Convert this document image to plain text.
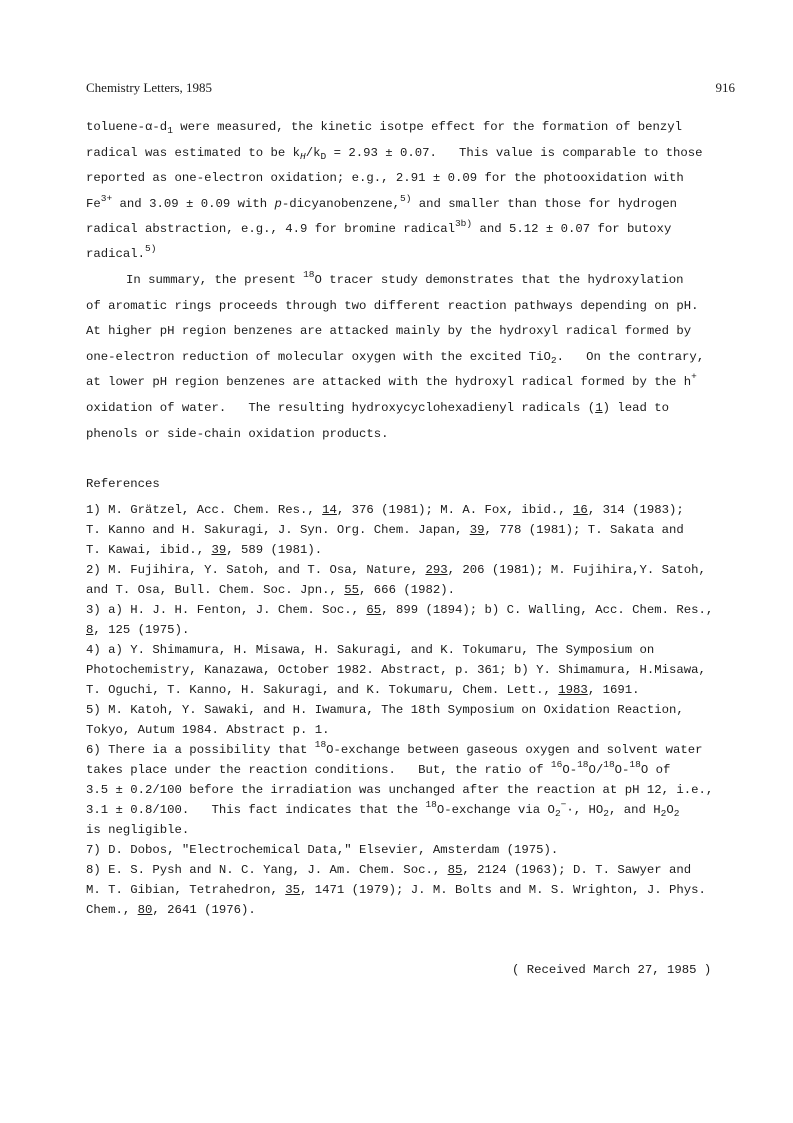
Chemistry Letters, 1985	916
toluene-$\alpha-d_1$ were measured, the kinetic isotpe effect for the formation of benzyl
radical was estimated to be $k_H/k_D = 2.93 \pm 0.07$.   This value is comparable to those
reported as one-electron oxidation; e.g., 2.91 ± 0.09 for the photooxidation with
$Fe^{3+}$ and 3.09 ± 0.09 with p-dicyanobenzene,$^{5)}$ and smaller than those for hydrogen
radical abstraction, e.g., 4.9 for bromine radical$^{3b)}$ and 5.12 ± 0.07 for butoxy
radical.$^{5)}$
In summary, the present $^{18}$O tracer study demonstrates that the hydroxylation
of aromatic rings proceeds through two different reaction pathways depending on pH.
At higher pH region benzenes are attacked mainly by the hydroxyl radical formed by
one-electron reduction of molecular oxygen with the excited TiO$_2$.   On the contrary,
at lower pH region benzenes are attacked with the hydroxyl radical formed by the h+
oxidation of water.   The resulting hydroxycyclohexadienyl radicals (1) lead to
phenols or side-chain oxidation products.
References
1) M. Grätzel, Acc. Chem. Res., 14, 376 (1981); M. A. Fox, ibid., 16, 314 (1983);
T. Kanno and H. Sakuragi, J. Syn. Org. Chem. Japan, 39, 778 (1981); T. Sakata and
T. Kawai, ibid., 39, 589 (1981).
2) M. Fujihira, Y. Satoh, and T. Osa, Nature, 293, 206 (1981); M. Fujihira,Y. Satoh,
and T. Osa, Bull. Chem. Soc. Jpn., 55, 666 (1982).
3) a) H. J. H. Fenton, J. Chem. Soc., 65, 899 (1894); b) C. Walling, Acc. Chem. Res.,
8, 125 (1975).
4) a) Y. Shimamura, H. Misawa, H. Sakuragi, and K. Tokumaru, The Symposium on
Photochemistry, Kanazawa, October 1982. Abstract, p. 361; b) Y. Shimamura, H.Misawa,
T. Oguchi, T. Kanno, H. Sakuragi, and K. Tokumaru, Chem. Lett., 1983, 1691.
5) M. Katoh, Y. Sawaki, and H. Iwamura, The 18th Symposium on Oxidation Reaction,
Tokyo, Autum 1984. Abstract p. 1.
6) There ia a possibility that $^{18}$O-exchange between gaseous oxygen and solvent water
takes place under the reaction conditions.   But, the ratio of $^{16}$O-$^{18}$O/$^{18}$O-$^{18}$O of
3.5 ± 0.2/100 before the irradiation was unchanged after the reaction at pH 12, i.e.,
3.1 ± 0.8/100.   This fact indicates that the $^{18}$O-exchange via $O_2^-\cdot$, $HO_2$, and $H_2O_2$
is negligible.
7) D. Dobos, "Electrochemical Data," Elsevier, Amsterdam (1975).
8) E. S. Pysh and N. C. Yang, J. Am. Chem. Soc., 85, 2124 (1963); D. T. Sawyer and
M. T. Gibian, Tetrahedron, 35, 1471 (1979); J. M. Bolts and M. S. Wrighton, J. Phys.
Chem., 80, 2641 (1976).
( Received March 27, 1985 )
